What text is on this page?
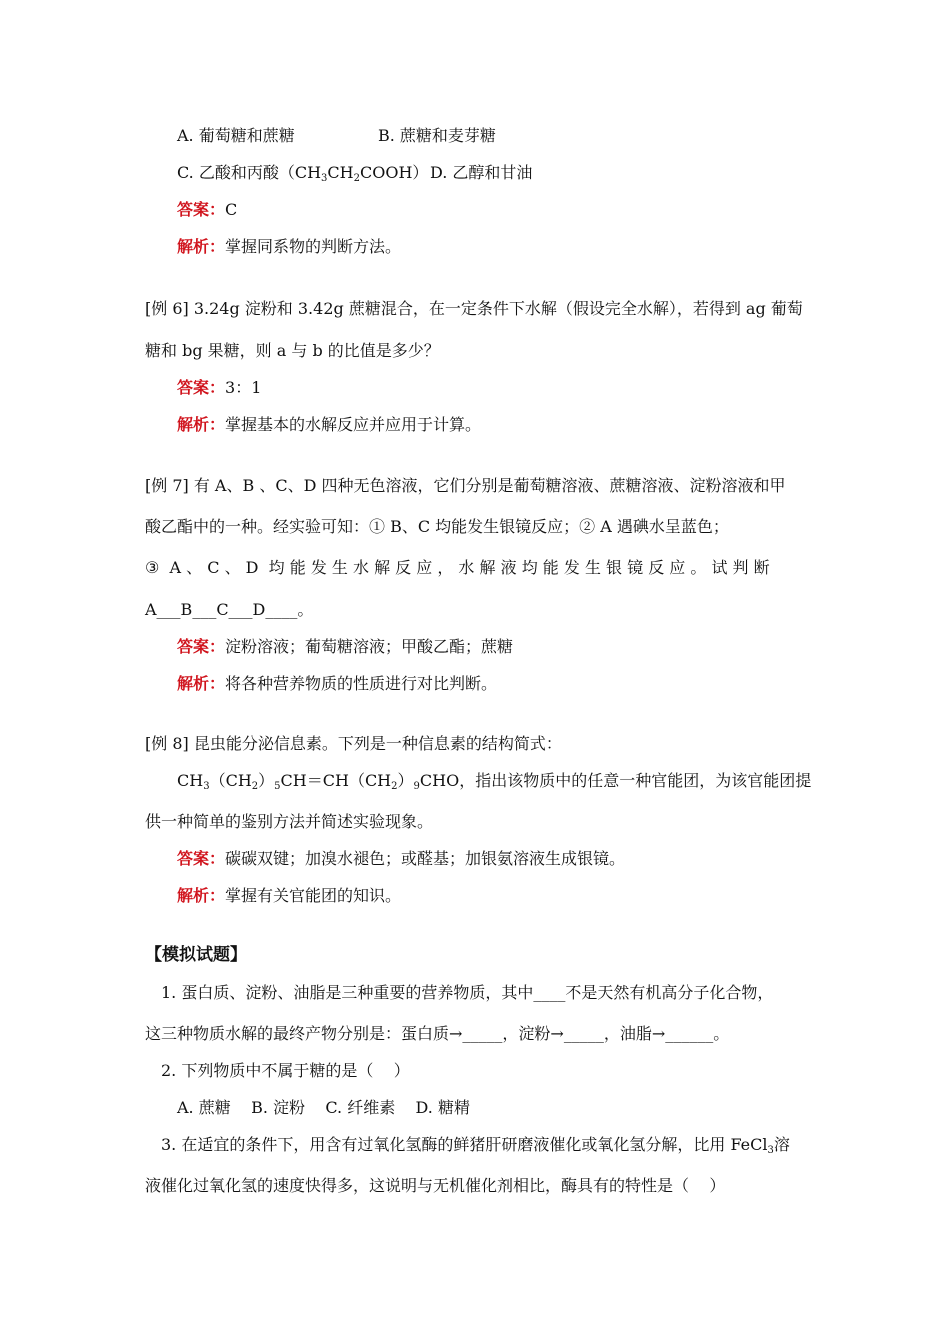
A. 葡萄糖和蔗糖	B. 蔗糖和麦芽糖
C. 乙酸和丙酸$(CH_3CH_2COOH)$ D. 乙醇和甘油
答案：C
解析：掌握同系物的判断方法。
[例 6] 3.24g 淀粉和 3.42g 蔗糖混合，在一定条件下水解（假设完全水解），若得到 ag 葡萄
糖和 bg 果糖，则 a 与 b 的比值是多少？
答案：3：1
解析：掌握基本的水解反应并应用于计算。
[例 7] 有 A、B 、C、D 四种无色溶液，它们分别是葡萄糖溶液、蔗糖溶液、淀粉溶液和甲
酸乙酯中的一种。经实验可知：① B、C 均能发生银镜反应；② A 遇碘水呈蓝色；
③  A 、 C 、 D  均 能 发 生 水 解 反 应 ， 水 解 液 均 能 发 生 银 镜 反 应 。 试 判 断
A___B___C___D____。
答案：淀粉溶液；葡萄糖溶液；甲酸乙酯；蔗糖
解析：将各种营养物质的性质进行对比判断。
[例 8] 昆虫能分泌信息素。下列是一种信息素的结构简式：
$CH_3(CH_2)_5CH=CH(CH_2)_9CHO$，指出该物质中的任意一种官能团，为该官能团提
供一种简单的鉴别方法并简述实验现象。
答案：碳碳双键；加溴水褪色；或醛基；加银氨溶液生成银镜。
解析：掌握有关官能团的知识。
【模拟试题】
1. 蛋白质、淀粉、油脂是三种重要的营养物质，其中____不是天然有机高分子化合物，
这三种物质水解的最终产物分别是：蛋白质→_____，淀粉→_____，油脂→______。
2. 下列物质中不属于糖的是（    ）
A. 蔗糖    B. 淀粉    C. 纤维素    D. 糖精
3. 在适宜的条件下，用含有过氧化氢酶的鲜猪肝研磨液催化或氧化氢分解，比用 FeCl$_3$溶
液催化过氧化氢的速度快得多，这说明与无机催化剂相比，酶具有的特性是（    ）
